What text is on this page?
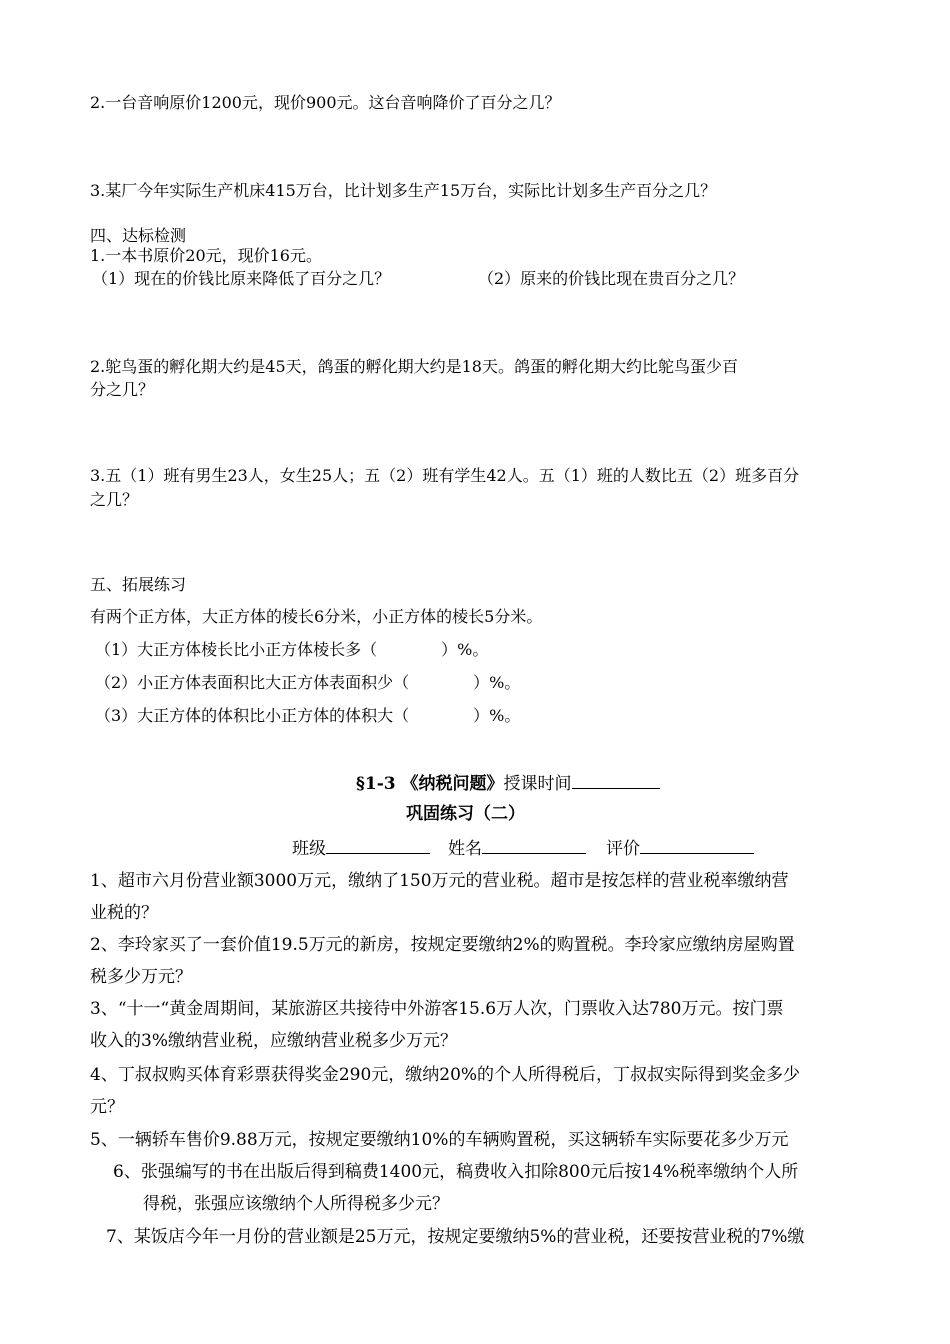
2.一台音响原价1200元，现价900元。这台音响降价了百分之几？
3.某厂今年实际生产机床415万台，比计划多生产15万台，实际比计划多生产百分之几？
四、达标检测
1.一本书原价20元，现价16元。
（1）现在的价钱比原来降低了百分之几？	（2）原来的价钱比现在贵百分之几？
2.鸵鸟蛋的孵化期大约是45天，鸽蛋的孵化期大约是18天。鸽蛋的孵化期大约比鸵鸟蛋少百
分之几？
3.五（1）班有男生23人，女生25人；五（2）班有学生42人。五（1）班的人数比五（2）班多百分
之几？
五、拓展练习
有两个正方体，大正方体的棱长6分米，小正方体的棱长5分米。
（1）大正方体棱长比小正方体棱长多（　　　　）%。
（2）小正方体表面积比大正方体表面积少（　　　　）%。
（3）大正方体的体积比小正方体的体积大（　　　　）%。
§1-3 《纳税问题》授课时间
巩固练习（二）
班级	姓名	评价
1、超市六月份营业额3000万元，缴纳了150万元的营业税。超市是按怎样的营业税率缴纳营
业税的？
2、李玲家买了一套价值19.5万元的新房，按规定要缴纳2%的购置税。李玲家应缴纳房屋购置
税多少万元？
3、“十一“黄金周期间，某旅游区共接待中外游客15.6万人次，门票收入达780万元。按门票
收入的3%缴纳营业税，应缴纳营业税多少万元？
4、丁叔叔购买体育彩票获得奖金290元，缴纳20%的个人所得税后，丁叔叔实际得到奖金多少
元？
5、一辆轿车售价9.88万元，按规定要缴纳10%的车辆购置税，买这辆轿车实际要花多少万元
6、张强编写的书在出版后得到稿费1400元，稿费收入扣除800元后按14%税率缴纳个人所
得税，张强应该缴纳个人所得税多少元？
7、某饭店今年一月份的营业额是25万元，按规定要缴纳5%的营业税，还要按营业税的7%缴
